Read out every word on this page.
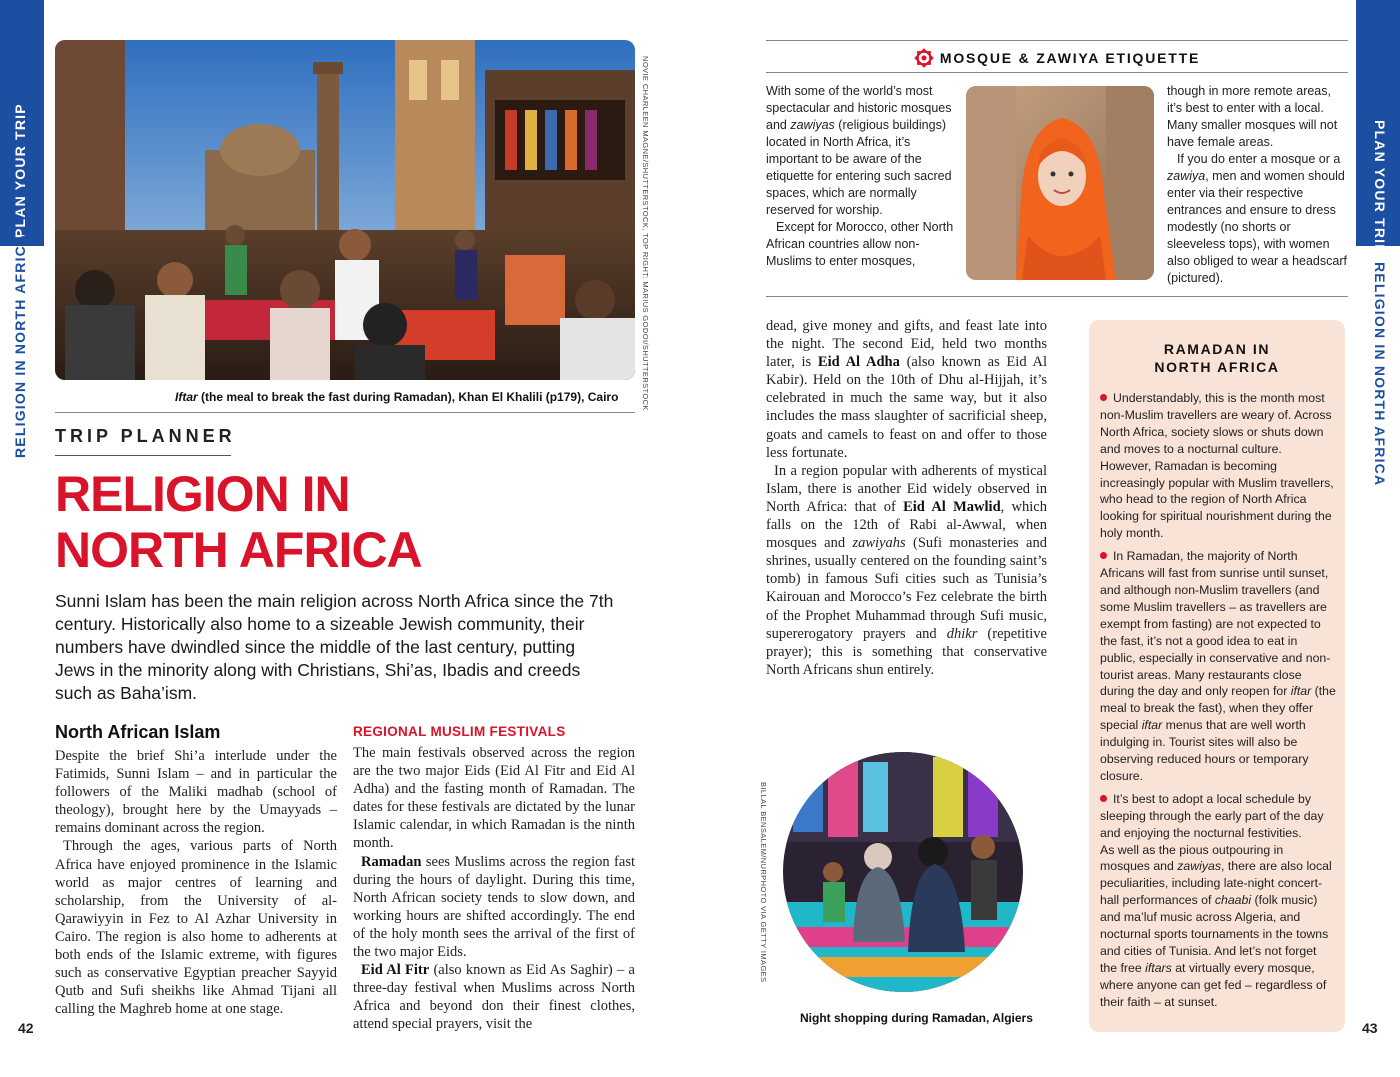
PLAN YOUR TRIP
RELIGION IN NORTH AFRICA
42
PLAN YOUR TRIP
RELIGION IN NORTH AFRICA
43
NOVIE CHARLEEN MAGNE/SHUTTERSTOCK, TOP RIGHT: MARIUS GODOI/SHUTTERSTOCK
Iftar (the meal to break the fast during Ramadan), Khan El Khalili (p179), Cairo
TRIP PLANNER
RELIGION IN
NORTH AFRICA
Sunni Islam has been the main religion across North Africa since the 7th century. Historically also home to a sizeable Jewish community, their numbers have dwindled since the middle of the last century, putting Jews in the minority along with Christians, Shi’as, Ibadis and creeds such as Baha’ism.
North African Islam	REGIONAL MUSLIM FESTIVALS

Despite the brief Shi’a interlude under the Fatimids, Sunni Islam – and in particular the followers of the Maliki madhab (school of theology), brought here by the Umayyads – remains dominant across the region.

Through the ages, various parts of North Africa have enjoyed prominence in the Islamic world as major centres of learning and scholarship, from the University of al-Qarawiyyin in Fez to Al Azhar University in Cairo. The region is also home to adherents at both ends of the Islamic extreme, with figures such as conservative Egyptian preacher Sayyid Qutb and Sufi sheikhs like Ahmad Tijani all calling the Maghreb home at one stage.

The main festivals observed across the region are the two major Eids (Eid Al Fitr and Eid Al Adha) and the fasting month of Ramadan. The dates for these festivals are dictated by the lunar Islamic calendar, in which Ramadan is the ninth month.

Ramadan sees Muslims across the region fast during the hours of daylight. During this time, North African society tends to slow down, and working hours are shifted accordingly. The end of the holy month sees the arrival of the first of the two major Eids.

Eid Al Fitr (also known as Eid As Saghir) – a three-day festival when Muslims across North Africa and beyond don their finest clothes, attend special prayers, visit the

dead, give money and gifts, and feast late into the night. The second Eid, held two months later, is Eid Al Adha (also known as Eid Al Kabir). Held on the 10th of Dhu al-Hijjah, it’s celebrated in much the same way, but it also includes the mass slaughter of sacrificial sheep, goats and camels to feast on and offer to those less fortunate.

In a region popular with adherents of mystical Islam, there is another Eid widely observed in North Africa: that of Eid Al Mawlid, which falls on the 12th of Rabi al-Awwal, when mosques and zawiyahs (Sufi monasteries and shrines, usually centered on the founding saint’s tomb) in famous Sufi cities such as Tunisia’s Kairouan and Morocco’s Fez celebrate the birth of the Prophet Muhammad through Sufi music, supererogatory prayers and dhikr (repetitive prayer); this is something that conservative North Africans shun entirely.

MOSQUE & ZAWIYA ETIQUETTE

With some of the world’s most spectacular and historic mosques and zawiyas (religious buildings) located in North Africa, it’s important to be aware of the etiquette for entering such sacred spaces, which are normally reserved for worship.

Except for Morocco, other North African countries allow non-Muslims to enter mosques,

though in more remote areas, it’s best to enter with a local. Many smaller mosques will not have female areas.

If you do enter a mosque or a zawiya, men and women should enter via their respective entrances and ensure to dress modestly (no shorts or sleeveless tops), with women also obliged to wear a headscarf (pictured).

RAMADAN IN
NORTH AFRICA

Understandably, this is the month most non-Muslim travellers are weary of. Across North Africa, society slows or shuts down and moves to a nocturnal culture. However, Ramadan is becoming increasingly popular with Muslim travellers, who head to the region of North Africa looking for spiritual nourishment during the holy month.

In Ramadan, the majority of North Africans will fast from sunrise until sunset, and although non-Muslim travellers (and some Muslim travellers – as travellers are exempt from fasting) are not expected to the fast, it’s not a good idea to eat in public, especially in conservative and non-tourist areas. Many restaurants close during the day and only reopen for iftar (the meal to break the fast), when they offer special iftar menus that are well worth indulging in. Tourist sites will also be observing reduced hours or temporary closure.

It’s best to adopt a local schedule by sleeping through the early part of the day and enjoying the nocturnal festivities.

As well as the pious outpouring in mosques and zawiyas, there are also local peculiarities, including late-night concert-hall performances of chaabi (folk music) and ma’luf music across Algeria, and nocturnal sports tournaments in the towns and cities of Tunisia. And let’s not forget the free iftars at virtually every mosque, where anyone can get fed – regardless of their faith – at sunset.

BILLAL BENSALEM/NURPHOTO VIA GETTY IMAGES
Night shopping during Ramadan, Algiers
